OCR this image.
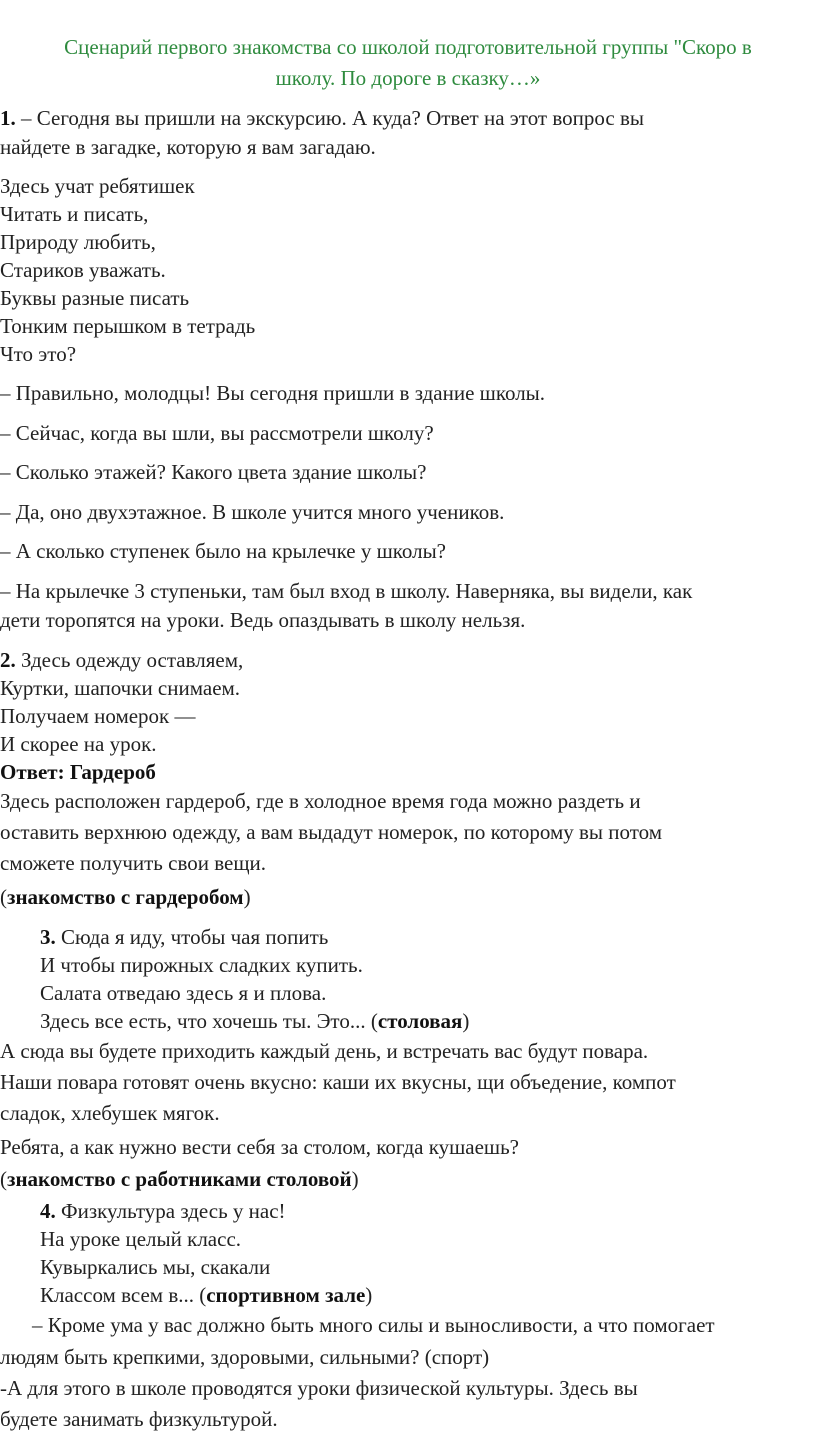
Сценарий первого знакомства со школой подготовительной группы "Скоро в
школу. По дороге в сказку…»
1. – Сегодня вы пришли на экскурсию. А куда? Ответ на этот вопрос вы
найдете в загадке, которую я вам загадаю.
Здесь учат ребятишек
Читать и писать,
Природу любить,
Стариков уважать.
Буквы разные писать
Тонким перышком в тетрадь
Что это?
– Правильно, молодцы! Вы сегодня пришли в здание школы.
– Сейчас, когда вы шли, вы рассмотрели школу?
– Сколько этажей? Какого цвета здание школы?
– Да, оно двухэтажное. В школе учится много учеников.
– А сколько ступенек было на крылечке у школы?
– На крылечке 3 ступеньки, там был вход в школу. Наверняка, вы видели, как
дети торопятся на уроки. Ведь опаздывать в школу нельзя.
2. Здесь одежду оставляем,
Куртки, шапочки снимаем.
Получаем номерок —
И скорее на урок.
Ответ: Гардероб
Здесь расположен гардероб, где в холодное время года можно раздеть и
оставить верхнюю одежду, а вам выдадут номерок, по которому вы потом
сможете получить свои вещи.
(знакомство с гардеробом)
3. Сюда я иду, чтобы чая попить
И чтобы пирожных сладких купить.
Салата отведаю здесь я и плова.
Здесь все есть, что хочешь ты. Это... (столовая)
А сюда вы будете приходить каждый день, и встречать вас будут повара.
Наши повара готовят очень вкусно: каши их вкусны, щи объедение, компот
сладок, хлебушек мягок.
Ребята, а как нужно вести себя за столом, когда кушаешь?
(знакомство с работниками столовой)
4. Физкультура здесь у нас!
На уроке целый класс.
Кувыркались мы, скакали
Классом всем в... (спортивном зале)
– Кроме ума у вас должно быть много силы и выносливости, а что помогает
людям быть крепкими, здоровыми, сильными? (спорт)
-А для этого в школе проводятся уроки физической культуры. Здесь вы
будете занимать физкультурой.
